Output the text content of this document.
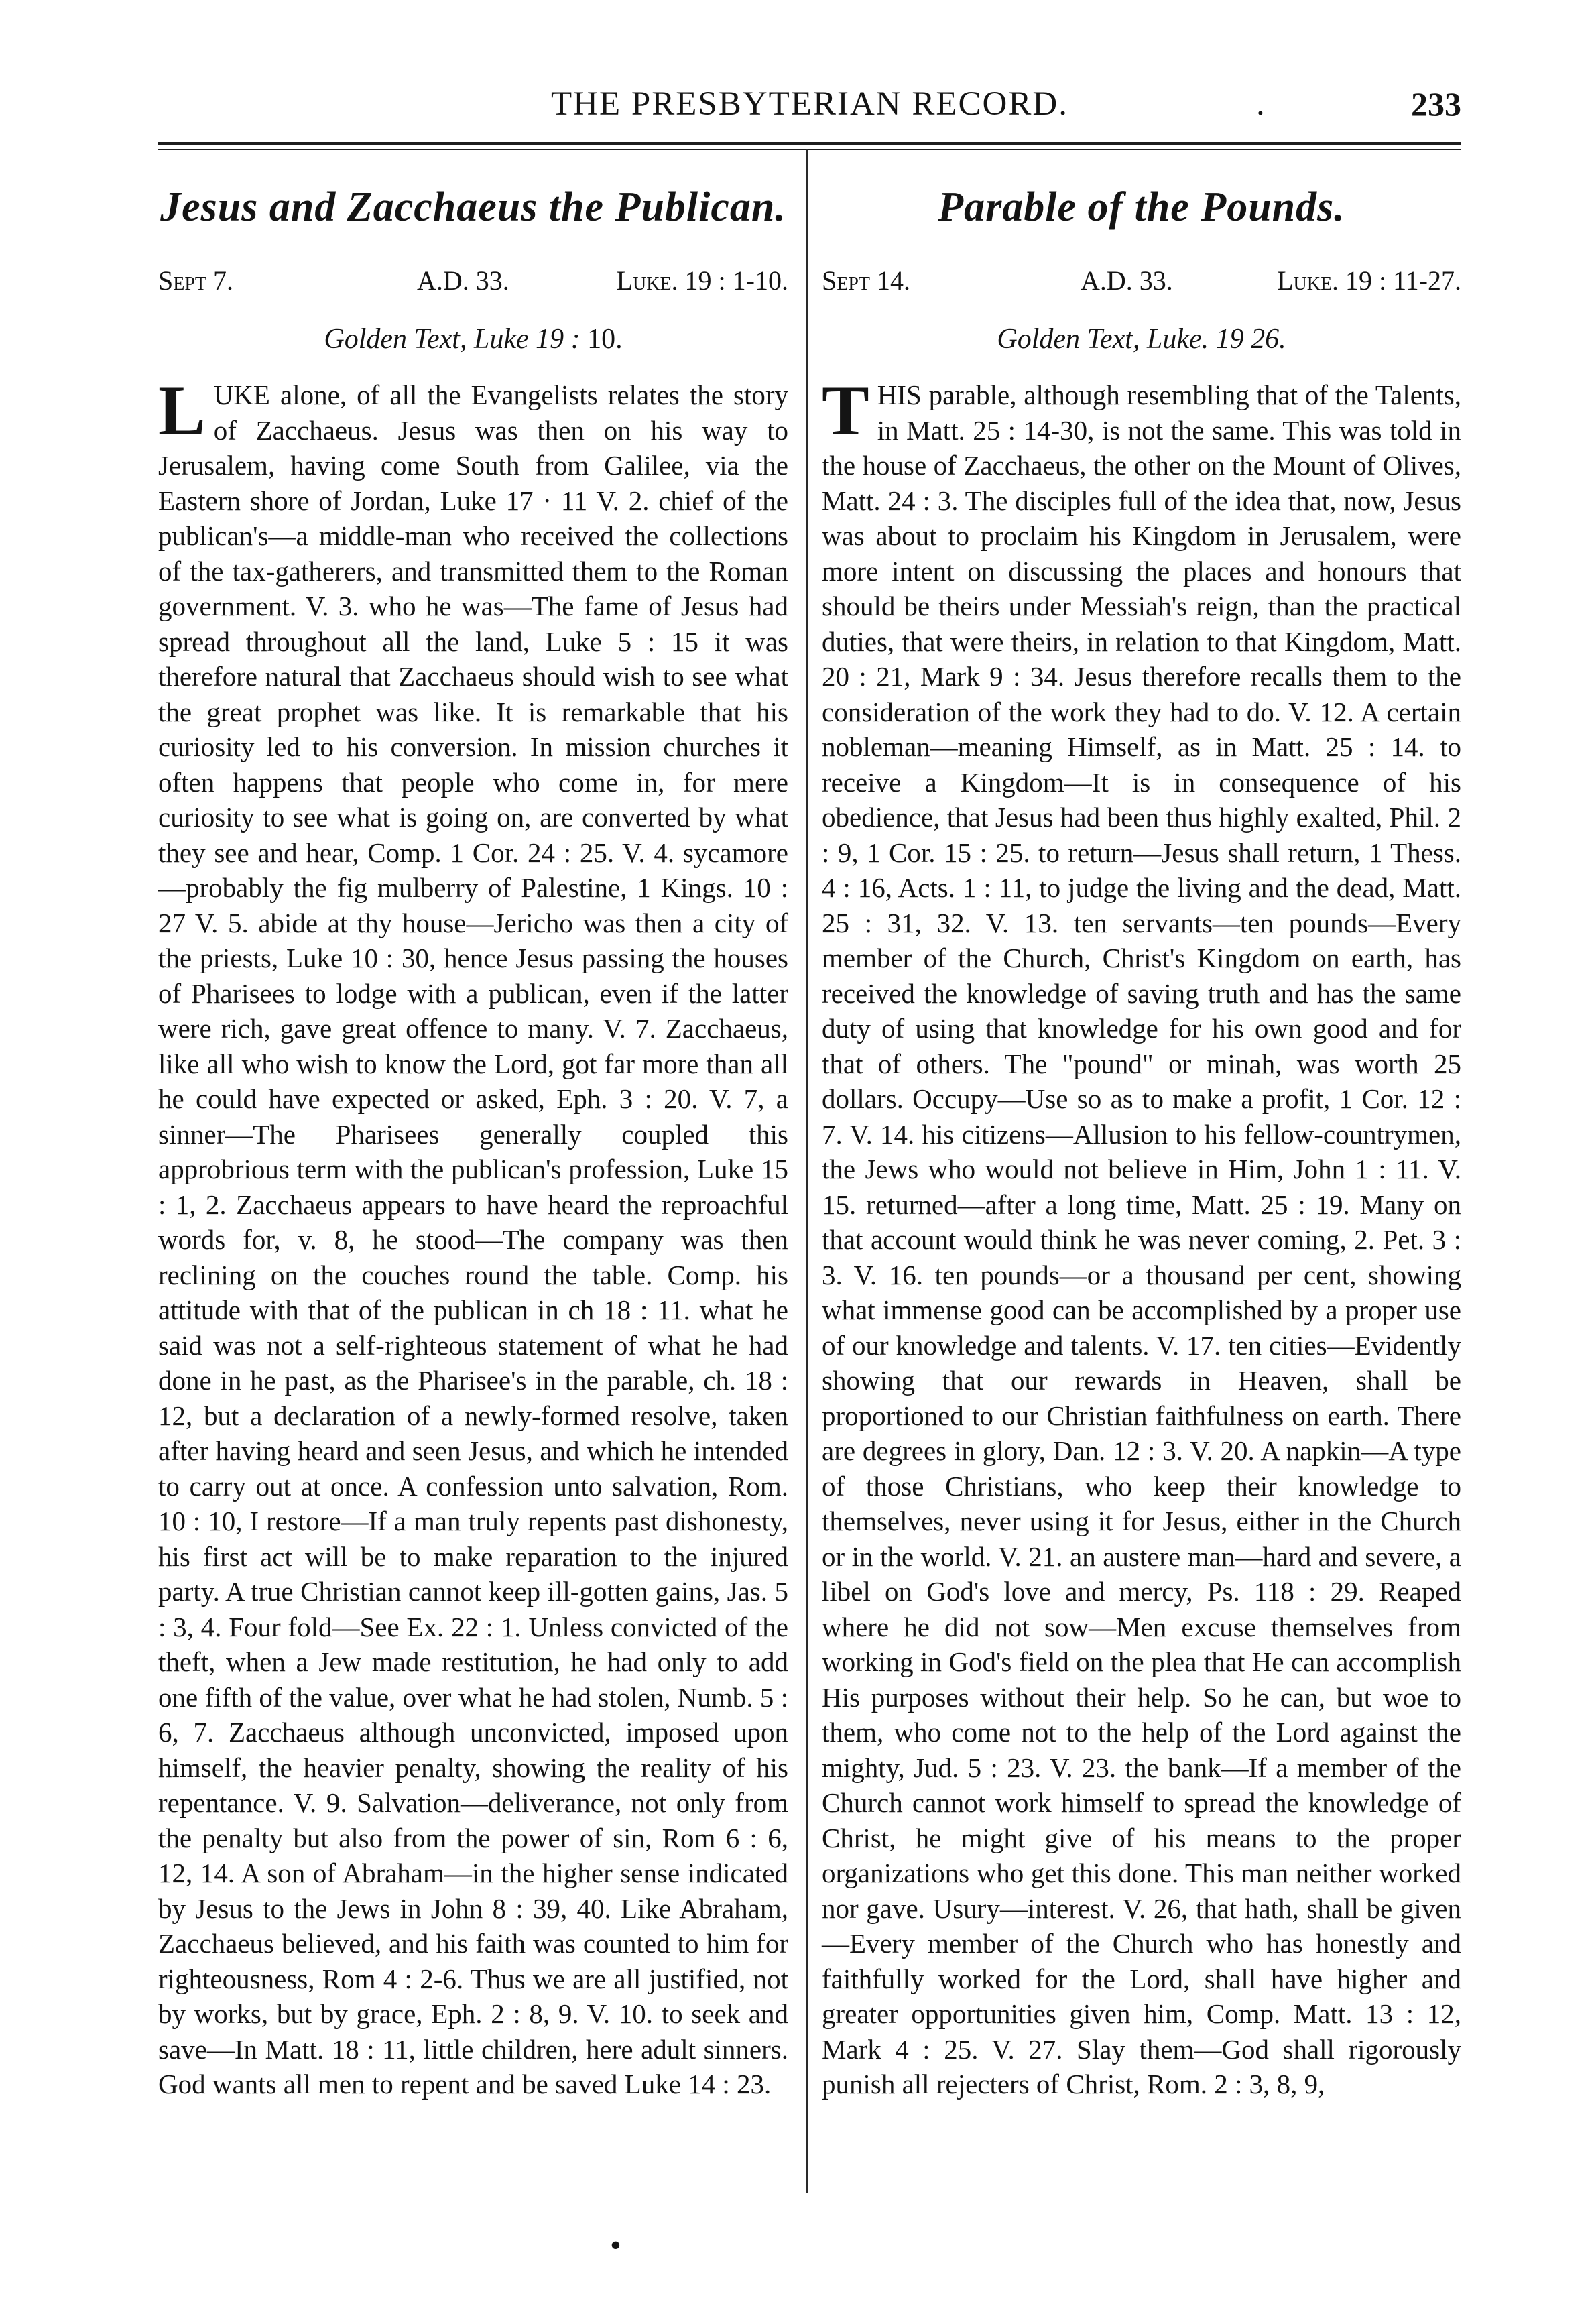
THE PRESBYTERIAN RECORD.	.	233
Jesus and Zacchaeus the Publican.
Sept 7.	A.D. 33.	Luke. 19 : 1-10.
Golden Text, Luke 19 : 10.
L UKE alone, of all the Evangelists relates the story of Zacchaeus. Jesus was then on his way to Jerusalem, having come South from Galilee, via the Eastern shore of Jordan, Luke 17 · 11 V. 2. chief of the publican's—a middle-man who received the collections of the tax-gatherers, and transmitted them to the Roman government. V. 3. who he was—The fame of Jesus had spread throughout all the land, Luke 5 : 15 it was therefore natural that Zacchaeus should wish to see what the great prophet was like. It is remarkable that his curiosity led to his conversion. In mission churches it often happens that people who come in, for mere curiosity to see what is going on, are converted by what they see and hear, Comp. 1 Cor. 24 : 25. V. 4. sycamore—probably the fig mulberry of Palestine, 1 Kings. 10 : 27 V. 5. abide at thy house—Jericho was then a city of the priests, Luke 10 : 30, hence Jesus passing the houses of Pharisees to lodge with a publican, even if the latter were rich, gave great offence to many. V. 7. Zacchaeus, like all who wish to know the Lord, got far more than all he could have expected or asked, Eph. 3 : 20. V. 7, a sinner—The Pharisees generally coupled this approbrious term with the publican's profession, Luke 15 : 1, 2. Zacchaeus appears to have heard the reproachful words for, v. 8, he stood—The company was then reclining on the couches round the table. Comp. his attitude with that of the publican in ch 18 : 11. what he said was not a self-righteous statement of what he had done in he past, as the Pharisee's in the parable, ch. 18 : 12, but a declaration of a newly-formed resolve, taken after having heard and seen Jesus, and which he intended to carry out at once. A confession unto salvation, Rom. 10 : 10, I restore—If a man truly repents past dishonesty, his first act will be to make reparation to the injured party. A true Christian cannot keep ill-gotten gains, Jas. 5 : 3, 4. Four fold—See Ex. 22 : 1. Unless convicted of the theft, when a Jew made restitution, he had only to add one fifth of the value, over what he had stolen, Numb. 5 : 6, 7. Zacchaeus although unconvicted, imposed upon himself, the heavier penalty, showing the reality of his repentance. V. 9. Salvation—deliverance, not only from the penalty but also from the power of sin, Rom 6 : 6, 12, 14. A son of Abraham—in the higher sense indicated by Jesus to the Jews in John 8 : 39, 40. Like Abraham, Zacchaeus believed, and his faith was counted to him for righteousness, Rom 4 : 2-6. Thus we are all justified, not by works, but by grace, Eph. 2 : 8, 9. V. 10. to seek and save—In Matt. 18 : 11, little children, here adult sinners. God wants all men to repent and be saved Luke 14 : 23.

Parable of the Pounds.
Sept 14.	A.D. 33.	Luke. 19 : 11-27.
Golden Text, Luke. 19 26.
T HIS parable, although resembling that of the Talents, in Matt. 25 : 14-30, is not the same. This was told in the house of Zacchaeus, the other on the Mount of Olives, Matt. 24 : 3. The disciples full of the idea that, now, Jesus was about to proclaim his Kingdom in Jerusalem, were more intent on discussing the places and honours that should be theirs under Messiah's reign, than the practical duties, that were theirs, in relation to that Kingdom, Matt. 20 : 21, Mark 9 : 34. Jesus therefore recalls them to the consideration of the work they had to do. V. 12. A certain nobleman—meaning Himself, as in Matt. 25 : 14. to receive a Kingdom—It is in consequence of his obedience, that Jesus had been thus highly exalted, Phil. 2 : 9, 1 Cor. 15 : 25. to return—Jesus shall return, 1 Thess. 4 : 16, Acts. 1 : 11, to judge the living and the dead, Matt. 25 : 31, 32. V. 13. ten servants—ten pounds—Every member of the Church, Christ's Kingdom on earth, has received the knowledge of saving truth and has the same duty of using that knowledge for his own good and for that of others. The "pound" or minah, was worth 25 dollars. Occupy—Use so as to make a profit, 1 Cor. 12 : 7. V. 14. his citizens—Allusion to his fellow-countrymen, the Jews who would not believe in Him, John 1 : 11. V. 15. returned—after a long time, Matt. 25 : 19. Many on that account would think he was never coming, 2. Pet. 3 : 3. V. 16. ten pounds—or a thousand per cent, showing what immense good can be accomplished by a proper use of our knowledge and talents. V. 17. ten cities—Evidently showing that our rewards in Heaven, shall be proportioned to our Christian faithfulness on earth. There are degrees in glory, Dan. 12 : 3. V. 20. A napkin—A type of those Christians, who keep their knowledge to themselves, never using it for Jesus, either in the Church or in the world. V. 21. an austere man—hard and severe, a libel on God's love and mercy, Ps. 118 : 29. Reaped where he did not sow—Men excuse themselves from working in God's field on the plea that He can accomplish His purposes without their help. So he can, but woe to them, who come not to the help of the Lord against the mighty, Jud. 5 : 23. V. 23. the bank—If a member of the Church cannot work himself to spread the knowledge of Christ, he might give of his means to the proper organizations who get this done. This man neither worked nor gave. Usury—interest. V. 26, that hath, shall be given—Every member of the Church who has honestly and faithfully worked for the Lord, shall have higher and greater opportunities given him, Comp. Matt. 13 : 12, Mark 4 : 25. V. 27. Slay them—God shall rigorously punish all rejecters of Christ, Rom. 2 : 3, 8, 9,

•
